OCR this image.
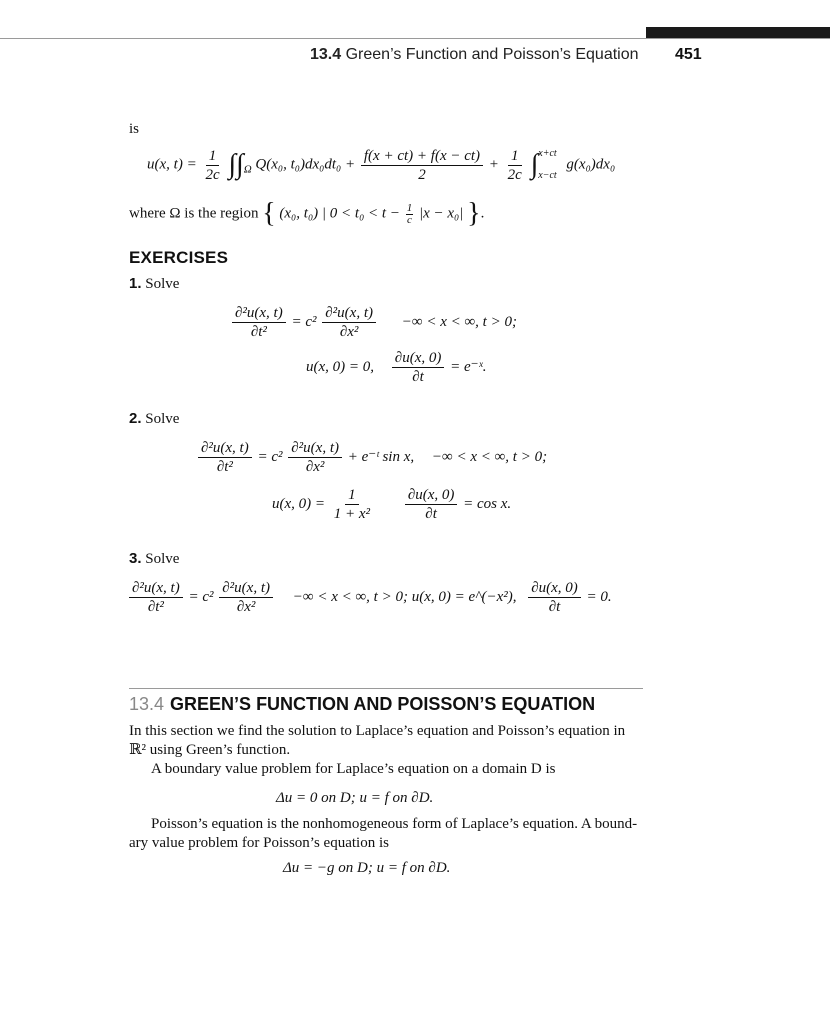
13.4 Green’s Function and Poisson’s Equation 451
is
u(x, $t) = \frac{1}{2c} \int\int_\Omega$ Q(x₀, $t_0)dx_0dt_0 + \frac{f(x + ct) + f(x - ct)}{2} + \frac{1}{2c}$ ∫ x+ct
x−ct
g(x₀)dx₀
where Ω is the region { (x₀, t₀) | $0 < t_0 < t - \frac{1}{c} |x - x_0|$ }.
EXERCISES
1. Solve
$\frac{\text{∂²u(x, t)}}{\text{∂t²}} = c^2 \frac{\text{∂²u(x, t)}}{\text{∂x²}}$ −∞ < x < ∞, t > 0;
u(x, 0) = 0, $\frac{\partial u(x, 0)}{\partial t}$ = e⁻ˣ.
2. Solve
$\frac{\text{∂²u(x, t)}}{\text{∂t²}} = c^2 \frac{\text{∂²u(x, t)}}{\text{∂x²}}$ + e⁻ᵗ sin x, −∞ < x < ∞, t > 0;
u(x, $0) = \frac{1}{\text{1 + x²}}$
$\frac{\partial u(x, 0)}{\partial t} = \cos x$.
3. Solve
$\frac{\text{∂²u(x, t)}}{\text{∂t²}} = c^2 \frac{\text{∂²u(x, t)}}{\text{∂x²}}$ −∞ < x < ∞, t > 0; u(x, 0) = e^(−x²), $\frac{\partial u(x, 0)}{\partial t} = 0$.
13.4 GREEN’S FUNCTION AND POISSON’S EQUATION
In this section we find the solution to Laplace’s equation and Poisson’s equation in
ℝ² using Green’s function.
A boundary value problem for Laplace’s equation on a domain D is
Δu = 0 on D; u = f on ∂D.
Poisson’s equation is the nonhomogeneous form of Laplace’s equation. A bound-
ary value problem for Poisson’s equation is
Δu = −g on D; u = f on ∂D.
